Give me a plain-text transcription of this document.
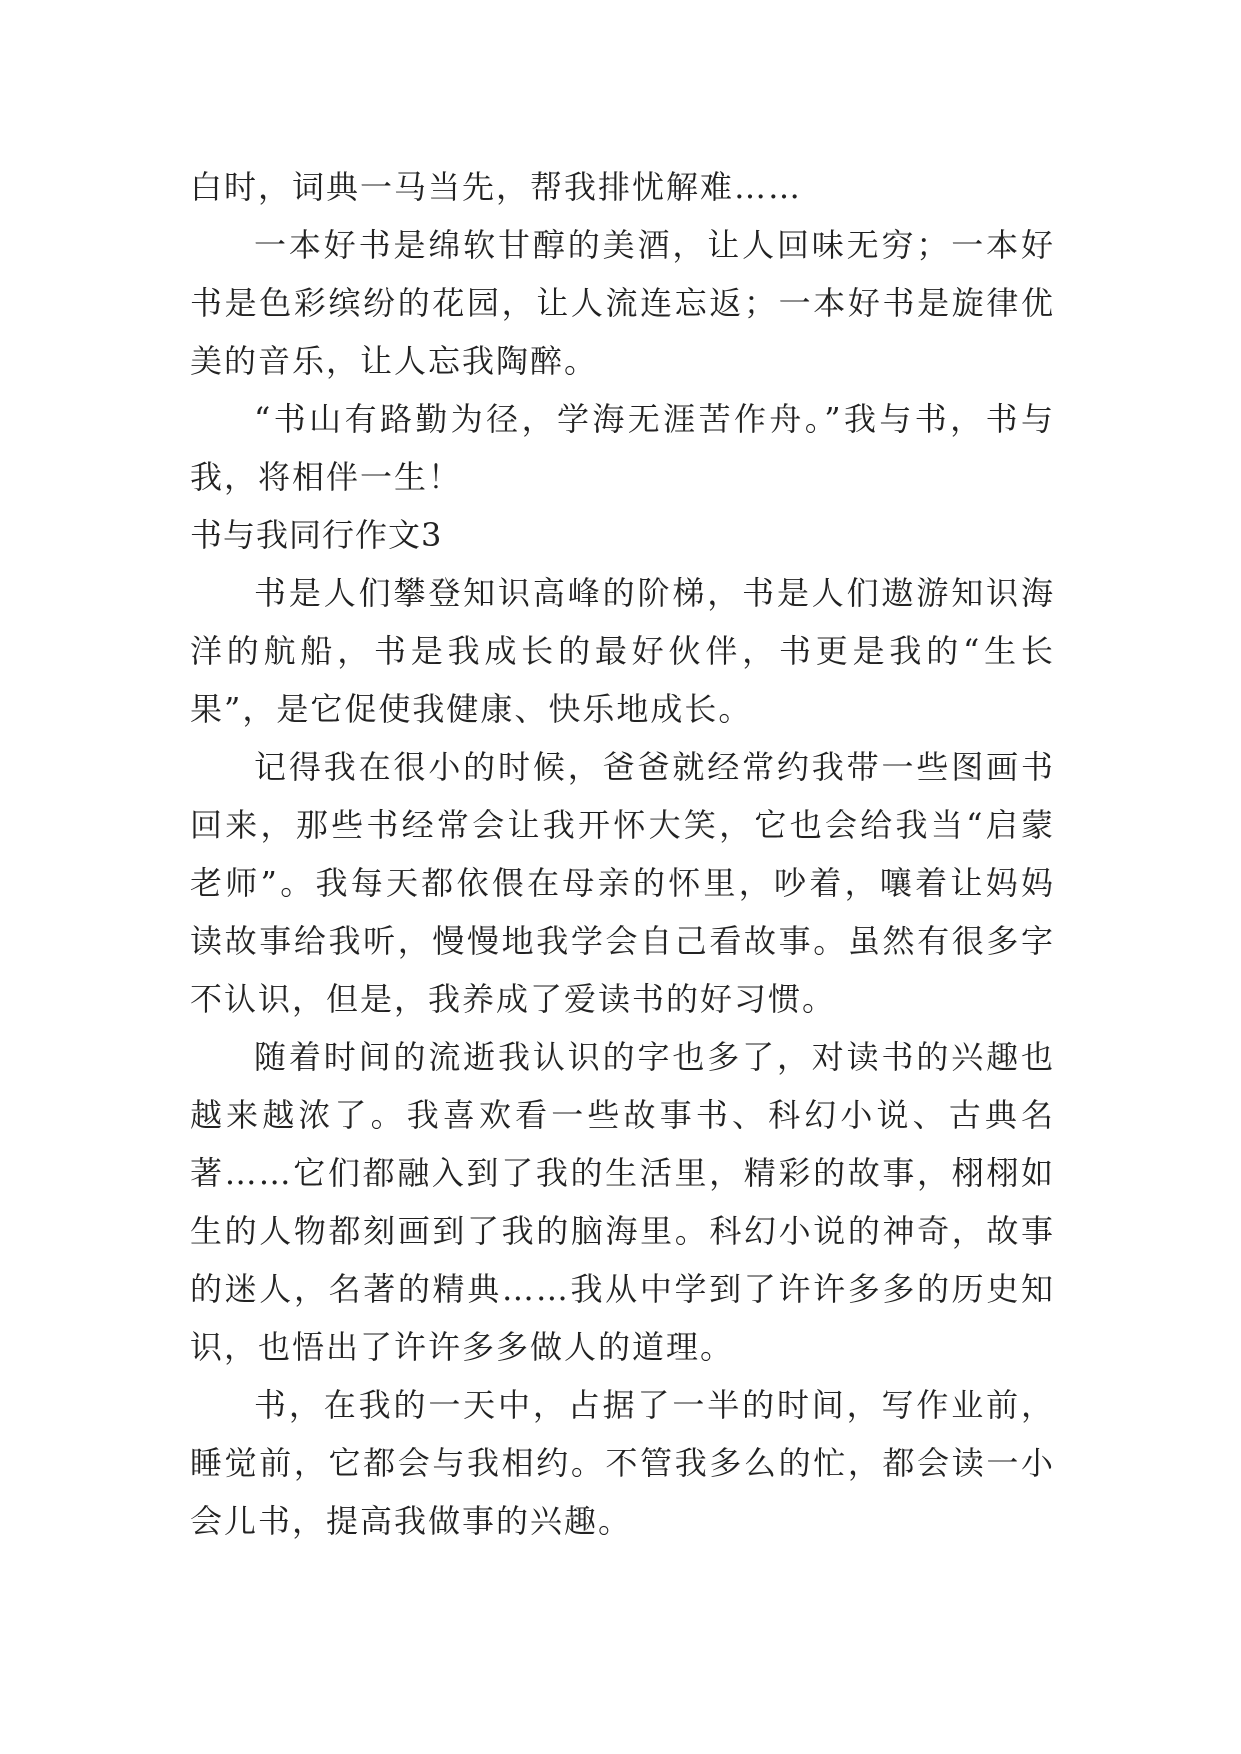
白时，词典一马当先，帮我排忧解难……

一本好书是绵软甘醇的美酒，让人回味无穷；一本好书是色彩缤纷的花园，让人流连忘返；一本好书是旋律优美的音乐，让人忘我陶醉。

“书山有路勤为径，学海无涯苦作舟。”我与书，书与我，将相伴一生！

书与我同行作文3

书是人们攀登知识高峰的阶梯，书是人们遨游知识海洋的航船，书是我成长的最好伙伴，书更是我的“生长果”，是它促使我健康、快乐地成长。

记得我在很小的时候，爸爸就经常约我带一些图画书回来，那些书经常会让我开怀大笑，它也会给我当“启蒙老师”。我每天都依偎在母亲的怀里，吵着，嚷着让妈妈读故事给我听，慢慢地我学会自己看故事。虽然有很多字不认识，但是，我养成了爱读书的好习惯。

随着时间的流逝我认识的字也多了，对读书的兴趣也越来越浓了。我喜欢看一些故事书、科幻小说、古典名著……它们都融入到了我的生活里，精彩的故事，栩栩如生的人物都刻画到了我的脑海里。科幻小说的神奇，故事的迷人，名著的精典……我从中学到了许许多多的历史知识，也悟出了许许多多做人的道理。

书，在我的一天中，占据了一半的时间，写作业前，睡觉前，它都会与我相约。不管我多么的忙，都会读一小会儿书，提高我做事的兴趣。
